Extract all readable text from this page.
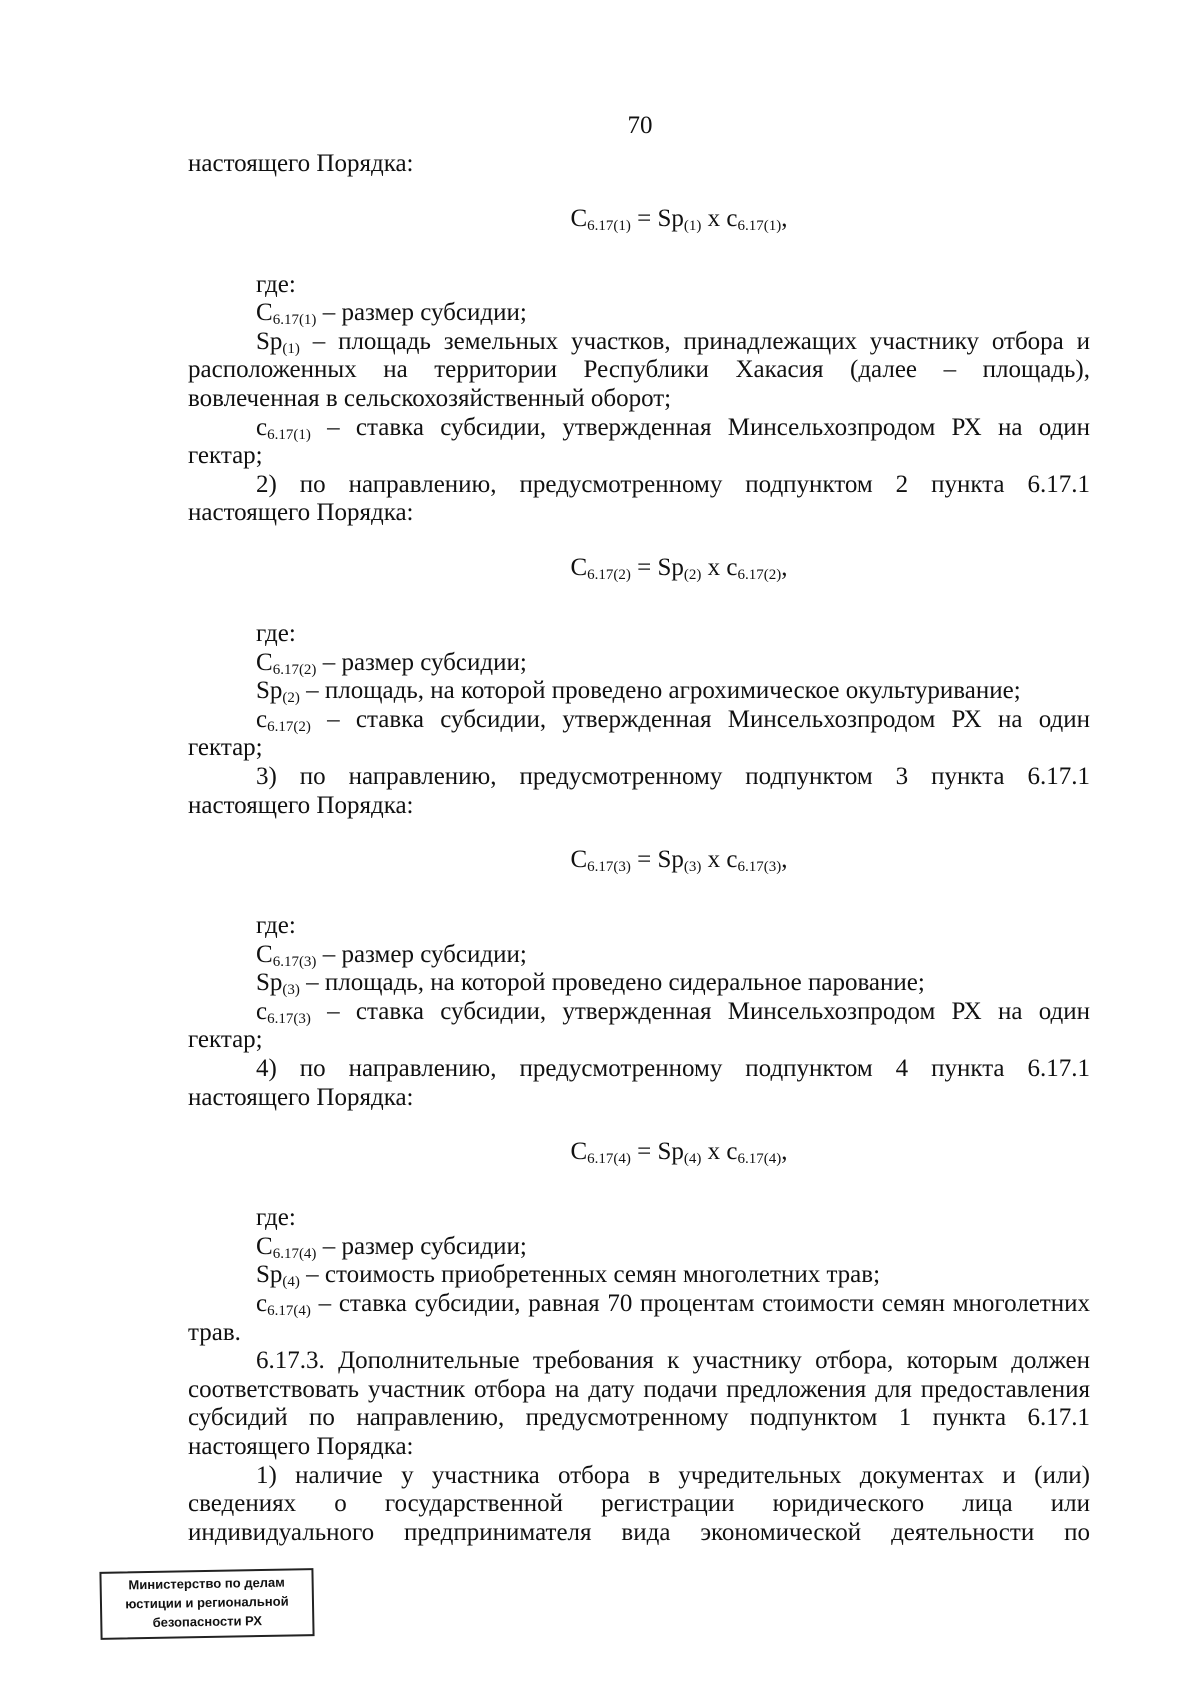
70
настоящего Порядка:
$C_{6.17(1)} = Sp_{(1)}$ x $c_{6.17(1)}$,
где:
$C_{6.17(1)}$ – размер субсидии;
$Sp_{(1)}$ – площадь земельных участков, принадлежащих участнику отбора и
расположенных на территории Республики Хакасия (далее – площадь),
вовлеченная в сельскохозяйственный оборот;
$c_{6.17(1)}$ – ставка субсидии, утвержденная Минсельхозпродом РХ на один
гектар;
2) по направлению, предусмотренному подпунктом 2 пункта 6.17.1
настоящего Порядка:
$C_{6.17(2)} = Sp_{(2)}$ x $c_{6.17(2)}$,
где:
$C_{6.17(2)}$ – размер субсидии;
$Sp_{(2)}$ – площадь, на которой проведено агрохимическое окультуривание;
$c_{6.17(2)}$ – ставка субсидии, утвержденная Минсельхозпродом РХ на один
гектар;
3) по направлению, предусмотренному подпунктом 3 пункта 6.17.1
настоящего Порядка:
$C_{6.17(3)} = Sp_{(3)}$ x $c_{6.17(3)}$,
где:
$C_{6.17(3)}$ – размер субсидии;
$Sp_{(3)}$ – площадь, на которой проведено сидеральное парование;
$c_{6.17(3)}$ – ставка субсидии, утвержденная Минсельхозпродом РХ на один
гектар;
4) по направлению, предусмотренному подпунктом 4 пункта 6.17.1
настоящего Порядка:
$C_{6.17(4)} = Sp_{(4)}$ x $c_{6.17(4)}$,
где:
$C_{6.17(4)}$ – размер субсидии;
$Sp_{(4)}$ – стоимость приобретенных семян многолетних трав;
$c_{6.17(4)}$ – ставка субсидии, равная 70 процентам стоимости семян многолетних
трав.
6.17.3. Дополнительные требования к участнику отбора, которым должен
соответствовать участник отбора на дату подачи предложения для предоставления
субсидий по направлению, предусмотренному подпунктом 1 пункта 6.17.1
настоящего Порядка:
1) наличие у участника отбора в учредительных документах и (или)
сведениях о государственной регистрации юридического лица или
индивидуального предпринимателя вида экономической деятельности по
Министерство по делам
юстиции и региональной
безопасности РХ
